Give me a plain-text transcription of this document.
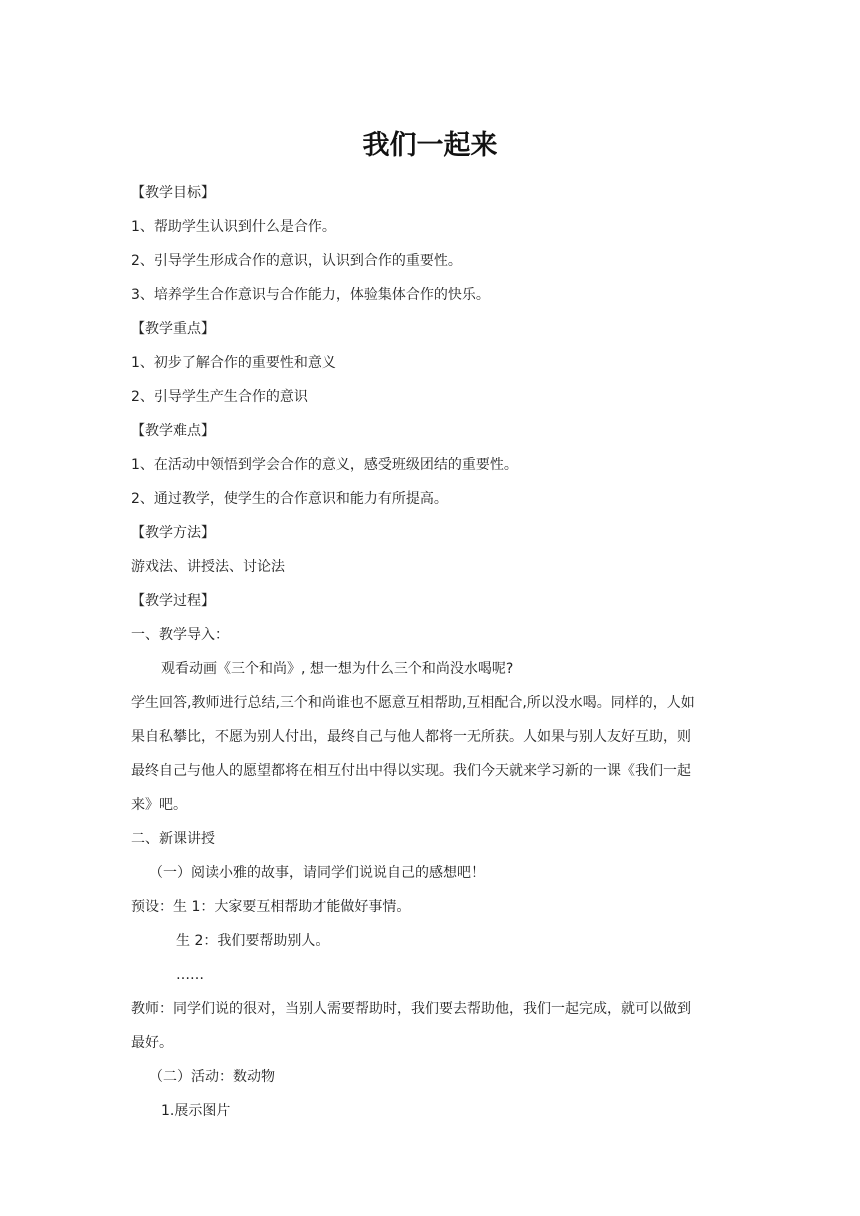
我们一起来
【教学目标】
1、帮助学生认识到什么是合作。
2、引导学生形成合作的意识，认识到合作的重要性。
3、培养学生合作意识与合作能力，体验集体合作的快乐。
【教学重点】
1、初步了解合作的重要性和意义
2、引导学生产生合作的意识
【教学难点】
1、在活动中领悟到学会合作的意义，感受班级团结的重要性。
2、通过教学，使学生的合作意识和能力有所提高。
【教学方法】
游戏法、讲授法、讨论法
【教学过程】
一、教学导入：
观看动画《三个和尚》, 想一想为什么三个和尚没水喝呢?
学生回答,教师进行总结,三个和尚谁也不愿意互相帮助,互相配合,所以没水喝。同样的，人如
果自私攀比，不愿为别人付出，最终自己与他人都将一无所获。人如果与别人友好互助，则
最终自己与他人的愿望都将在相互付出中得以实现。我们今天就来学习新的一课《我们一起
来》吧。
二、新课讲授
（一）阅读小雅的故事，请同学们说说自己的感想吧！
预设：生 1：大家要互相帮助才能做好事情。
生 2：我们要帮助别人。
……
教师：同学们说的很对，当别人需要帮助时，我们要去帮助他，我们一起完成，就可以做到
最好。
（二）活动：数动物
1.展示图片
